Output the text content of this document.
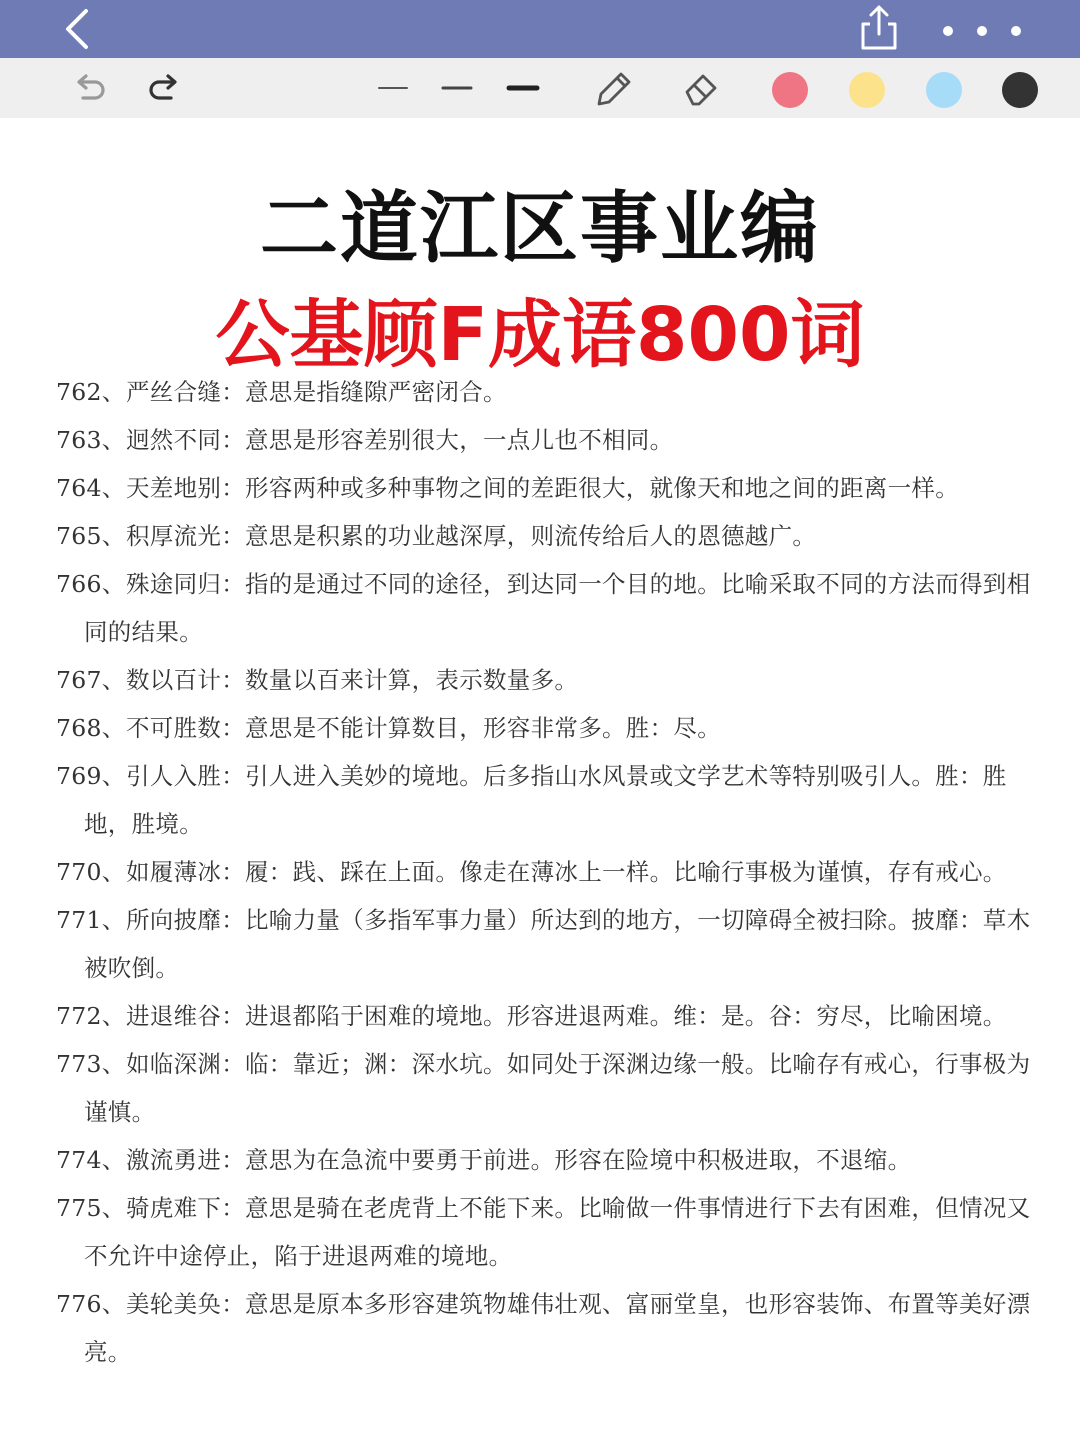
二道江区事业编
公基顾F成语800词

762、严丝合缝：意思是指缝隙严密闭合。

763、迥然不同：意思是形容差别很大，一点儿也不相同。

764、天差地别：形容两种或多种事物之间的差距很大，就像天和地之间的距离一样。

765、积厚流光：意思是积累的功业越深厚，则流传给后人的恩德越广。

766、殊途同归：指的是通过不同的途径，到达同一个目的地。比喻采取不同的方法而得到相同的结果。

767、数以百计：数量以百来计算，表示数量多。

768、不可胜数：意思是不能计算数目，形容非常多。胜：尽。

769、引人入胜：引人进入美妙的境地。后多指山水风景或文学艺术等特别吸引人。胜：胜地，胜境。

770、如履薄冰：履：践、踩在上面。像走在薄冰上一样。比喻行事极为谨慎，存有戒心。

771、所向披靡：比喻力量（多指军事力量）所达到的地方，一切障碍全被扫除。披靡：草木被吹倒。

772、进退维谷：进退都陷于困难的境地。形容进退两难。维：是。谷：穷尽，比喻困境。

773、如临深渊：临：靠近；渊：深水坑。如同处于深渊边缘一般。比喻存有戒心，行事极为谨慎。

774、激流勇进：意思为在急流中要勇于前进。形容在险境中积极进取，不退缩。

775、骑虎难下：意思是骑在老虎背上不能下来。比喻做一件事情进行下去有困难，但情况又不允许中途停止，陷于进退两难的境地。

776、美轮美奂：意思是原本多形容建筑物雄伟壮观、富丽堂皇，也形容装饰、布置等美好漂亮。
